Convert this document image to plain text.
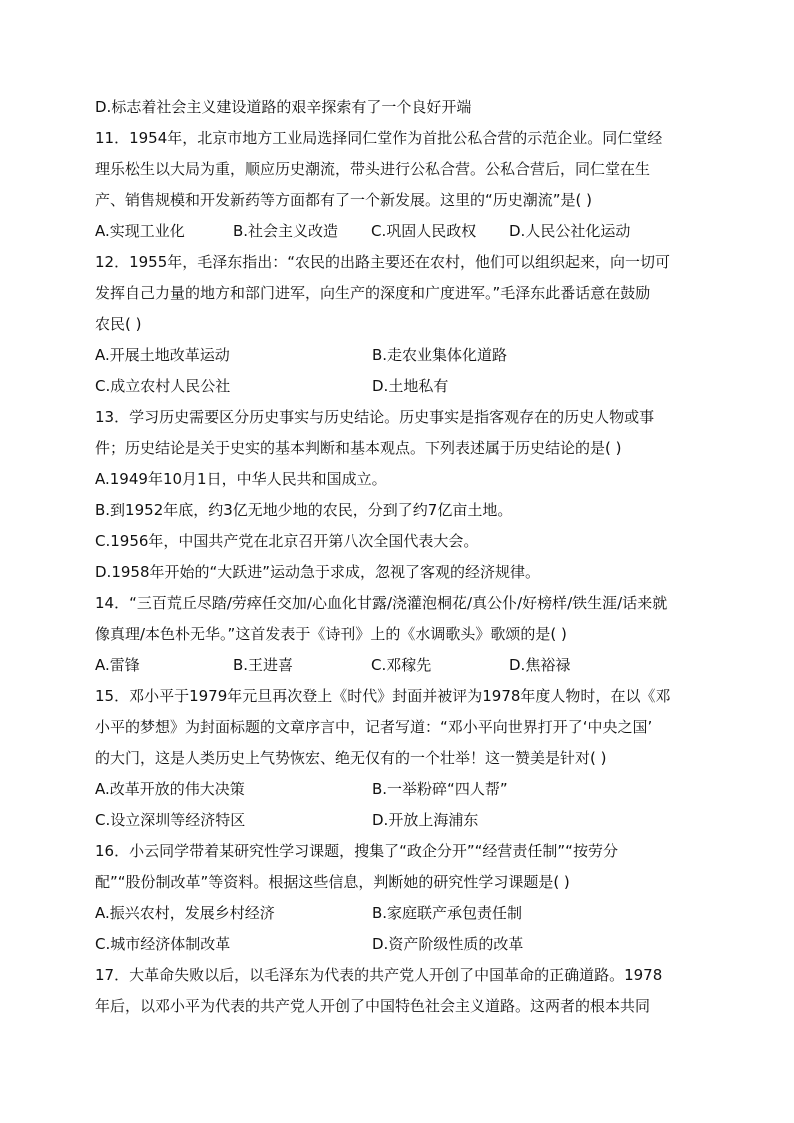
D.标志着社会主义建设道路的艰辛探索有了一个良好开端
11．1954年，北京市地方工业局选择同仁堂作为首批公私合营的示范企业。同仁堂经
理乐松生以大局为重，顺应历史潮流，带头进行公私合营。公私合营后，同仁堂在生
产、销售规模和开发新药等方面都有了一个新发展。这里的“历史潮流”是( )
A.实现工业化	B.社会主义改造	C.巩固人民政权	D.人民公社化运动
12．1955年，毛泽东指出：“农民的出路主要还在农村，他们可以组织起来，向一切可
发挥自己力量的地方和部门进军，向生产的深度和广度进军。”毛泽东此番话意在鼓励
农民( )
A.开展土地改革运动	B.走农业集体化道路
C.成立农村人民公社	D.土地私有
13．学习历史需要区分历史事实与历史结论。历史事实是指客观存在的历史人物或事
件；历史结论是关于史实的基本判断和基本观点。下列表述属于历史结论的是( )
A.1949年10月1日，中华人民共和国成立。
B.到1952年底，约3亿无地少地的农民，分到了约7亿亩土地。
C.1956年，中国共产党在北京召开第八次全国代表大会。
D.1958年开始的“大跃进”运动急于求成，忽视了客观的经济规律。
14．“三百荒丘尽踏/劳瘁任交加/心血化甘露/浇灌泡桐花/真公仆/好榜样/铁生涯/话来就
像真理/本色朴无华。”这首发表于《诗刊》上的《水调歌头》歌颂的是( )
A.雷锋	B.王进喜	C.邓稼先	D.焦裕禄
15．邓小平于1979年元旦再次登上《时代》封面并被评为1978年度人物时，在以《邓
小平的梦想》为封面标题的文章序言中，记者写道：“邓小平向世界打开了‘中央之国’
的大门，这是人类历史上气势恢宏、绝无仅有的一个壮举！这一赞美是针对( )
A.改革开放的伟大决策	B.一举粉碎“四人帮”
C.设立深圳等经济特区	D.开放上海浦东
16．小云同学带着某研究性学习课题，搜集了“政企分开”“经营责任制”“按劳分
配”“股份制改革”等资料。根据这些信息，判断她的研究性学习课题是( )
A.振兴农村，发展乡村经济	B.家庭联产承包责任制
C.城市经济体制改革	D.资产阶级性质的改革
17．大革命失败以后，以毛泽东为代表的共产党人开创了中国革命的正确道路。1978
年后，以邓小平为代表的共产党人开创了中国特色社会主义道路。这两者的根本共同
